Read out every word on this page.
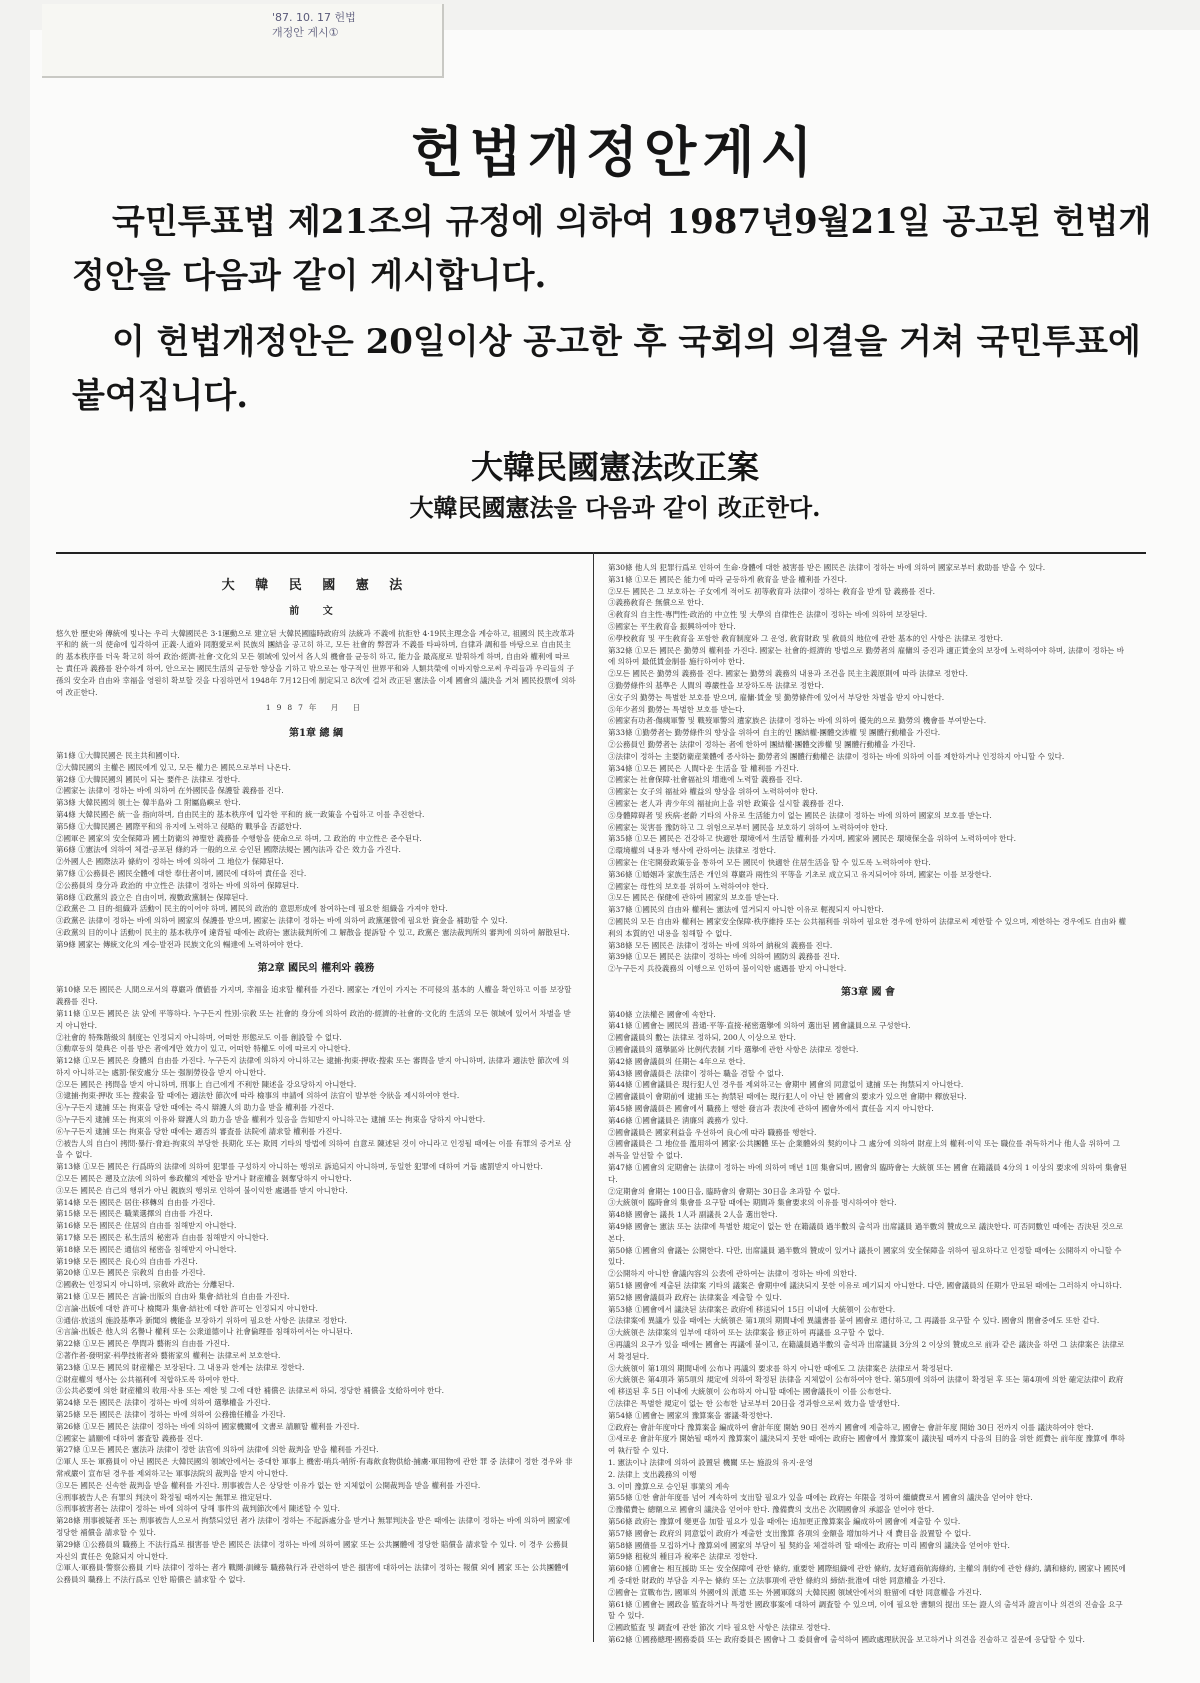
'87. 10. 17 헌법
개정안 게시①
헌법개정안게시
국민투표법 제21조의 규정에 의하여 1987년9월21일 공고된 헌법개정안을 다음과 같이 게시합니다.
이 헌법개정안은 20일이상 공고한 후 국회의 의결을 거쳐 국민투표에 붙여집니다.
大韓民國憲法改正案
大韓民國憲法을 다음과 같이 改正한다.
大 韓 民 國 憲 法
前 文

悠久한 歷史와 傳統에 빛나는 우리 大韓國民은 3·1運動으로 建立된 大韓民國臨時政府의 法統과 不義에 抗拒한 4·19民主理念을 계승하고, 祖國의 民主改革과 平和的 統一의 使命에 입각하여 正義·人道와 同胞愛로써 民族의 團結을 공고히 하고, 모든 社會的 弊習과 不義를 타파하며, 自律과 調和를 바탕으로 自由民主的 基本秩序를 더욱 확고히 하여 政治·經濟·社會·文化의 모든 領域에 있어서 各人의 機會를 균등히 하고, 能力을 最高度로 발휘하게 하며, 自由와 權利에 따르는 責任과 義務를 완수하게 하여, 안으로는 國民生活의 균등한 향상을 기하고 밖으로는 항구적인 世界平和와 人類共榮에 이바지함으로써 우리들과 우리들의 子孫의 安全과 自由와 幸福을 영원히 확보할 것을 다짐하면서 1948年 7月12日에 制定되고 8次에 걸쳐 改正된 憲法을 이제 國會의 議決을 거쳐 國民投票에 의하여 改正한다.

1987年 月 日
第1章 總 綱

第1條 ①大韓民國은 民主共和國이다.

②大韓民國의 主權은 國民에게 있고, 모든 權力은 國民으로부터 나온다.

第2條 ①大韓民國의 國民이 되는 要件은 法律로 정한다.

②國家는 法律이 정하는 바에 의하여 在外國民을 保護할 義務를 진다.

第3條 大韓民國의 領土는 韓半島와 그 附屬島嶼로 한다.

第4條 大韓民國은 統一을 指向하며, 自由民主的 基本秩序에 입각한 平和的 統一政策을 수립하고 이를 추진한다.

第5條 ①大韓民國은 國際平和의 유지에 노력하고 侵略的 戰爭을 否認한다.

②國軍은 國家의 安全保障과 國土防衛의 神聖한 義務를 수행함을 使命으로 하며, 그 政治的 中立性은 준수된다.

第6條 ①憲法에 의하여 체결·공포된 條約과 一般的으로 승인된 國際法規는 國內法과 같은 效力을 가진다.

②外國人은 國際法과 條約이 정하는 바에 의하여 그 地位가 保障된다.

第7條 ①公務員은 國民全體에 대한 奉仕者이며, 國民에 대하여 責任을 진다.

②公務員의 身分과 政治的 中立性은 法律이 정하는 바에 의하여 保障된다.

第8條 ①政黨의 設立은 自由이며, 複數政黨制는 保障된다.

②政黨은 그 目的·組織과 活動이 民主的이어야 하며, 國民의 政治的 意思形成에 참여하는데 필요한 組織을 가져야 한다.

③政黨은 法律이 정하는 바에 의하여 國家의 保護를 받으며, 國家는 法律이 정하는 바에 의하여 政黨運營에 필요한 資金을 補助할 수 있다.

④政黨의 目的이나 活動이 民主的 基本秩序에 違背될 때에는 政府는 憲法裁判所에 그 解散을 提訴할 수 있고, 政黨은 憲法裁判所의 審判에 의하여 解散된다.

第9條 國家는 傳統文化의 계승·발전과 民族文化의 暢達에 노력하여야 한다.

第2章 國民의 權利와 義務

第10條 모든 國民은 人間으로서의 尊嚴과 價値를 가지며, 幸福을 追求할 權利를 가진다. 國家는 개인이 가지는 不可侵의 基本的 人權을 확인하고 이를 보장할 義務를 진다.

第11條 ①모든 國民은 法 앞에 平等하다. 누구든지 性別·宗敎 또는 社會的 身分에 의하여 政治的·經濟的·社會的·文化的 生活의 모든 領域에 있어서 차별을 받지 아니한다.

②社會的 特殊階級의 制度는 인정되지 아니하며, 어떠한 形態로도 이를 創設할 수 없다.

③勳章등의 榮典은 이를 받은 者에게만 效力이 있고, 어떠한 特權도 이에 따르지 아니한다.

第12條 ①모든 國民은 身體의 自由를 가진다. 누구든지 法律에 의하지 아니하고는 逮捕·拘束·押收·搜索 또는 審問을 받지 아니하며, 法律과 適法한 節次에 의하지 아니하고는 處罰·保安處分 또는 强制勞役을 받지 아니한다.

②모든 國民은 拷問을 받지 아니하며, 刑事上 自己에게 不利한 陳述을 강요당하지 아니한다.

③逮捕·拘束·押收 또는 搜索을 할 때에는 適法한 節次에 따라 檢事의 申請에 의하여 法官이 발부한 令狀을 제시하여야 한다.

④누구든지 逮捕 또는 拘束을 당한 때에는 즉시 辯護人의 助力을 받을 權利를 가진다.

⑤누구든지 逮捕 또는 拘束의 이유와 辯護人의 助力을 받을 權利가 있음을 告知받지 아니하고는 逮捕 또는 拘束을 당하지 아니한다.

⑥누구든지 逮捕 또는 拘束을 당한 때에는 適否의 審査를 法院에 請求할 權利를 가진다.

⑦被告人의 自白이 拷問·暴行·脅迫·拘束의 부당한 長期化 또는 欺罔 기타의 방법에 의하여 自意로 陳述된 것이 아니라고 인정될 때에는 이를 有罪의 증거로 삼을 수 없다.

第13條 ①모든 國民은 行爲時의 法律에 의하여 犯罪를 구성하지 아니하는 행위로 訴追되지 아니하며, 동일한 犯罪에 대하여 거듭 處罰받지 아니한다.

②모든 國民은 遡及立法에 의하여 參政權의 제한을 받거나 財産權을 剝奪당하지 아니한다.

③모든 國民은 自己의 행위가 아닌 親族의 행위로 인하여 불이익한 處遇를 받지 아니한다.

第14條 모든 國民은 居住·移轉의 自由를 가진다.

第15條 모든 國民은 職業選擇의 自由를 가진다.

第16條 모든 國民은 住居의 自由를 침해받지 아니한다.

第17條 모든 國民은 私生活의 秘密과 自由를 침해받지 아니한다.

第18條 모든 國民은 通信의 秘密을 침해받지 아니한다.

第19條 모든 國民은 良心의 自由를 가진다.

第20條 ①모든 國民은 宗敎의 自由를 가진다.

②國敎는 인정되지 아니하며, 宗敎와 政治는 分離된다.

第21條 ①모든 國民은 言論·出版의 自由와 集會·結社의 自由를 가진다.

②言論·出版에 대한 許可나 檢閱과 集會·結社에 대한 許可는 인정되지 아니한다.

③通信·放送의 施設基準과 新聞의 機能을 보장하기 위하여 필요한 사항은 法律로 정한다.

④言論·出版은 他人의 名譽나 權利 또는 公衆道德이나 社會倫理를 침해하여서는 아니된다.

第22條 ①모든 國民은 學問과 藝術의 自由를 가진다.

②著作者·發明家·科學技術者와 藝術家의 權利는 法律로써 보호한다.

第23條 ①모든 國民의 財産權은 보장된다. 그 내용과 한계는 法律로 정한다.

②財産權의 행사는 公共福利에 적합하도록 하여야 한다.

③公共必要에 의한 財産權의 收用·사용 또는 제한 및 그에 대한 補償은 法律로써 하되, 정당한 補償을 支給하여야 한다.

第24條 모든 國民은 法律이 정하는 바에 의하여 選擧權을 가진다.

第25條 모든 國民은 法律이 정하는 바에 의하여 公務擔任權을 가진다.

第26條 ①모든 國民은 法律이 정하는 바에 의하여 國家機關에 文書로 請願할 權利를 가진다.

②國家는 請願에 대하여 審査할 義務를 진다.

第27條 ①모든 國民은 憲法과 法律이 정한 法官에 의하여 法律에 의한 裁判을 받을 權利를 가진다.

②軍人 또는 軍務員이 아닌 國民은 大韓民國의 領域안에서는 중대한 軍事上 機密·哨兵·哨所·有毒飮食物供給·捕虜·軍用物에 관한 罪 중 法律이 정한 경우와 非常戒嚴이 宣布된 경우를 제외하고는 軍事法院의 裁判을 받지 아니한다.

③모든 國民은 신속한 裁判을 받을 權利를 가진다. 刑事被告人은 상당한 이유가 없는 한 지체없이 公開裁判을 받을 權利를 가진다.

④刑事被告人은 有罪의 判決이 확정될 때까지는 無罪로 推定된다.

⑤刑事被害者는 法律이 정하는 바에 의하여 당해 事件의 裁判節次에서 陳述할 수 있다.

第28條 刑事被疑者 또는 刑事被告人으로서 拘禁되었던 者가 法律이 정하는 不起訴處分을 받거나 無罪判決을 받은 때에는 法律이 정하는 바에 의하여 國家에 정당한 補償을 請求할 수 있다.

第29條 ①公務員의 職務上 不法行爲로 損害를 받은 國民은 法律이 정하는 바에 의하여 國家 또는 公共團體에 정당한 賠償을 請求할 수 있다. 이 경우 公務員 자신의 責任은 免除되지 아니한다.

②軍人·軍務員·警察公務員 기타 法律이 정하는 者가 戰鬪·訓練등 職務執行과 관련하여 받은 損害에 대하여는 法律이 정하는 報償 외에 國家 또는 公共團體에 公務員의 職務上 不法行爲로 인한 賠償은 請求할 수 없다.

第30條 他人의 犯罪行爲로 인하여 生命·身體에 대한 被害를 받은 國民은 法律이 정하는 바에 의하여 國家로부터 救助를 받을 수 있다.

第31條 ①모든 國民은 能力에 따라 균등하게 敎育을 받을 權利를 가진다.

②모든 國民은 그 보호하는 子女에게 적어도 初等敎育과 法律이 정하는 敎育을 받게 할 義務를 진다.

③義務敎育은 無償으로 한다.

④敎育의 自主性·專門性·政治的 中立性 및 大學의 自律性은 法律이 정하는 바에 의하여 보장된다.

⑤國家는 平生敎育을 振興하여야 한다.

⑥學校敎育 및 平生敎育을 포함한 敎育制度와 그 운영, 敎育財政 및 敎員의 地位에 관한 基本的인 사항은 法律로 정한다.

第32條 ①모든 國民은 勤勞의 權利를 가진다. 國家는 社會的·經濟的 방법으로 勤勞者의 雇傭의 증진과 適正賃金의 보장에 노력하여야 하며, 法律이 정하는 바에 의하여 最低賃金制를 施行하여야 한다.

②모든 國民은 勤勞의 義務를 진다. 國家는 勤勞의 義務의 내용과 조건을 民主主義原則에 따라 法律로 정한다.

③勤勞條件의 基準은 人間의 尊嚴性을 보장하도록 法律로 정한다.

④女子의 勤勞는 특별한 보호를 받으며, 雇傭·賃金 및 勤勞條件에 있어서 부당한 차별을 받지 아니한다.

⑤年少者의 勤勞는 특별한 보호를 받는다.

⑥國家有功者·傷痍軍警 및 戰歿軍警의 遺家族은 法律이 정하는 바에 의하여 優先的으로 勤勞의 機會를 부여받는다.

第33條 ①勤勞者는 勤勞條件의 향상을 위하여 自主的인 團結權·團體交涉權 및 團體行動權을 가진다.

②公務員인 勤勞者는 法律이 정하는 者에 한하여 團結權·團體交涉權 및 團體行動權을 가진다.

③法律이 정하는 主要防衛産業體에 종사하는 勤勞者의 團體行動權은 法律이 정하는 바에 의하여 이를 제한하거나 인정하지 아니할 수 있다.

第34條 ①모든 國民은 人間다운 生活을 할 權利를 가진다.

②國家는 社會保障·社會福祉의 增進에 노력할 義務를 진다.

③國家는 女子의 福祉와 權益의 향상을 위하여 노력하여야 한다.

④國家는 老人과 靑少年의 福祉向上을 위한 政策을 실시할 義務를 진다.

⑤身體障碍者 및 疾病·老齡 기타의 사유로 生活能力이 없는 國民은 法律이 정하는 바에 의하여 國家의 보호를 받는다.

⑥國家는 災害를 豫防하고 그 위험으로부터 國民을 보호하기 위하여 노력하여야 한다.

第35條 ①모든 國民은 건강하고 快適한 環境에서 生活할 權利를 가지며, 國家와 國民은 環境保全을 위하여 노력하여야 한다.

②環境權의 내용과 행사에 관하여는 法律로 정한다.

③國家는 住宅開發政策등을 통하여 모든 國民이 快適한 住居生活을 할 수 있도록 노력하여야 한다.

第36條 ①婚姻과 家族生活은 개인의 尊嚴과 兩性의 平等을 기초로 成立되고 유지되어야 하며, 國家는 이를 보장한다.

②國家는 母性의 보호를 위하여 노력하여야 한다.

③모든 國民은 保健에 관하여 國家의 보호를 받는다.

第37條 ①國民의 自由와 權利는 憲法에 열거되지 아니한 이유로 輕視되지 아니한다.

②國民의 모든 自由와 權利는 國家安全保障·秩序維持 또는 公共福利를 위하여 필요한 경우에 한하여 法律로써 제한할 수 있으며, 제한하는 경우에도 自由와 權利의 本質的인 내용을 침해할 수 없다.

第38條 모든 國民은 法律이 정하는 바에 의하여 納稅의 義務를 진다.

第39條 ①모든 國民은 法律이 정하는 바에 의하여 國防의 義務를 진다.

②누구든지 兵役義務의 이행으로 인하여 불이익한 處遇를 받지 아니한다.

第3章 國 會

第40條 立法權은 國會에 속한다.

第41條 ①國會는 國民의 普通·平等·直接·秘密選擧에 의하여 選出된 國會議員으로 구성한다.

②國會議員의 數는 法律로 정하되, 200人 이상으로 한다.

③國會議員의 選擧區와 比例代表制 기타 選擧에 관한 사항은 法律로 정한다.

第42條 國會議員의 任期는 4年으로 한다.

第43條 國會議員은 法律이 정하는 職을 겸할 수 없다.

第44條 ①國會議員은 現行犯人인 경우를 제외하고는 會期中 國會의 同意없이 逮捕 또는 拘禁되지 아니한다.

②國會議員이 會期前에 逮捕 또는 拘禁된 때에는 現行犯人이 아닌 한 國會의 要求가 있으면 會期中 釋放된다.

第45條 國會議員은 國會에서 職務上 행한 發言과 表決에 관하여 國會外에서 責任을 지지 아니한다.

第46條 ①國會議員은 淸廉의 義務가 있다.

②國會議員은 國家利益을 우선하여 良心에 따라 職務를 행한다.

③國會議員은 그 地位를 濫用하여 國家·公共團體 또는 企業體와의 契約이나 그 處分에 의하여 財産上의 權利·이익 또는 職位를 취득하거나 他人을 위하여 그 취득을 알선할 수 없다.

第47條 ①國會의 定期會는 法律이 정하는 바에 의하여 매년 1回 集會되며, 國會의 臨時會는 大統領 또는 國會 在籍議員 4分의 1 이상의 要求에 의하여 集會된다.

②定期會의 會期는 100日을, 臨時會의 會期는 30日을 초과할 수 없다.

③大統領이 臨時會의 集會를 요구할 때에는 期間과 集會要求의 이유를 명시하여야 한다.

第48條 國會는 議長 1人과 副議長 2人을 選出한다.

第49條 國會는 憲法 또는 法律에 특별한 規定이 없는 한 在籍議員 過半數의 출석과 出席議員 過半數의 贊成으로 議決한다. 可否同數인 때에는 否決된 것으로 본다.

第50條 ①國會의 會議는 公開한다. 다만, 出席議員 過半數의 贊成이 있거나 議長이 國家의 安全保障을 위하여 필요하다고 인정할 때에는 公開하지 아니할 수 있다.

②公開하지 아니한 會議內容의 公表에 관하여는 法律이 정하는 바에 의한다.

第51條 國會에 제출된 法律案 기타의 議案은 會期中에 議決되지 못한 이유로 폐기되지 아니한다. 다만, 國會議員의 任期가 만료된 때에는 그러하지 아니하다.

第52條 國會議員과 政府는 法律案을 제출할 수 있다.

第53條 ①國會에서 議決된 法律案은 政府에 移送되어 15日 이내에 大統領이 公布한다.

②法律案에 異議가 있을 때에는 大統領은 第1項의 期間내에 異議書를 붙여 國會로 還付하고, 그 再議를 요구할 수 있다. 國會의 閉會중에도 또한 같다.

③大統領은 法律案의 일부에 대하여 또는 法律案을 修正하여 再議를 요구할 수 없다.

④再議의 요구가 있을 때에는 國會는 再議에 붙이고, 在籍議員過半數의 출석과 出席議員 3分의 2 이상의 贊成으로 前과 같은 議決을 하면 그 法律案은 法律로서 확정된다.

⑤大統領이 第1項의 期間내에 公布나 再議의 要求를 하지 아니한 때에도 그 法律案은 法律로서 확정된다.

⑥大統領은 第4項과 第5項의 規定에 의하여 확정된 法律을 지체없이 公布하여야 한다. 第5項에 의하여 法律이 확정된 후 또는 第4項에 의한 確定法律이 政府에 移送된 후 5日 이내에 大統領이 公布하지 아니할 때에는 國會議長이 이를 公布한다.

⑦法律은 특별한 規定이 없는 한 公布한 날로부터 20日을 경과함으로써 效力을 발생한다.

第54條 ①國會는 國家의 豫算案을 審議·확정한다.

②政府는 會計年度마다 豫算案을 編成하여 會計年度 開始 90日 전까지 國會에 제출하고, 國會는 會計年度 開始 30日 전까지 이를 議決하여야 한다.

③새로운 會計年度가 開始될 때까지 豫算案이 議決되지 못한 때에는 政府는 國會에서 豫算案이 議決될 때까지 다음의 目的을 위한 經費는 前年度 豫算에 準하여 執行할 수 있다.

1. 憲法이나 法律에 의하여 設置된 機關 또는 施設의 유지·운영

2. 法律上 支出義務의 이행

3. 이미 豫算으로 승인된 事業의 계속

第55條 ①한 會計年度를 넘어 계속하여 支出할 필요가 있을 때에는 政府는 年限을 정하여 繼續費로서 國會의 議決을 얻어야 한다.

②豫備費는 總額으로 國會의 議決을 얻어야 한다. 豫備費의 支出은 次期國會의 承認을 얻어야 한다.

第56條 政府는 豫算에 變更을 加할 필요가 있을 때에는 追加更正豫算案을 編成하여 國會에 제출할 수 있다.

第57條 國會는 政府의 同意없이 政府가 제출한 支出豫算 各項의 金額을 增加하거나 새 費目을 設置할 수 없다.

第58條 國債를 모집하거나 豫算외에 國家의 부담이 될 契約을 체결하려 할 때에는 政府는 미리 國會의 議決을 얻어야 한다.

第59條 租稅의 種目과 稅率은 法律로 정한다.

第60條 ①國會는 相互援助 또는 安全保障에 관한 條約, 重要한 國際組織에 관한 條約, 友好通商航海條約, 主權의 制約에 관한 條約, 講和條約, 國家나 國民에게 중대한 財政的 부담을 지우는 條約 또는 立法事項에 관한 條約의 締結·批准에 대한 同意權을 가진다.

②國會는 宣戰布告, 國軍의 外國에의 派遣 또는 外國軍隊의 大韓民國 領域안에서의 駐留에 대한 同意權을 가진다.

第61條 ①國會는 國政을 監査하거나 특정한 國政事案에 대하여 調査할 수 있으며, 이에 필요한 書類의 提出 또는 證人의 출석과 證言이나 의견의 진술을 요구할 수 있다.

②國政監査 및 調査에 관한 節次 기타 필요한 사항은 法律로 정한다.

第62條 ①國務總理·國務委員 또는 政府委員은 國會나 그 委員會에 출석하여 國政處理狀況을 보고하거나 의견을 진술하고 질문에 응답할 수 있다.
